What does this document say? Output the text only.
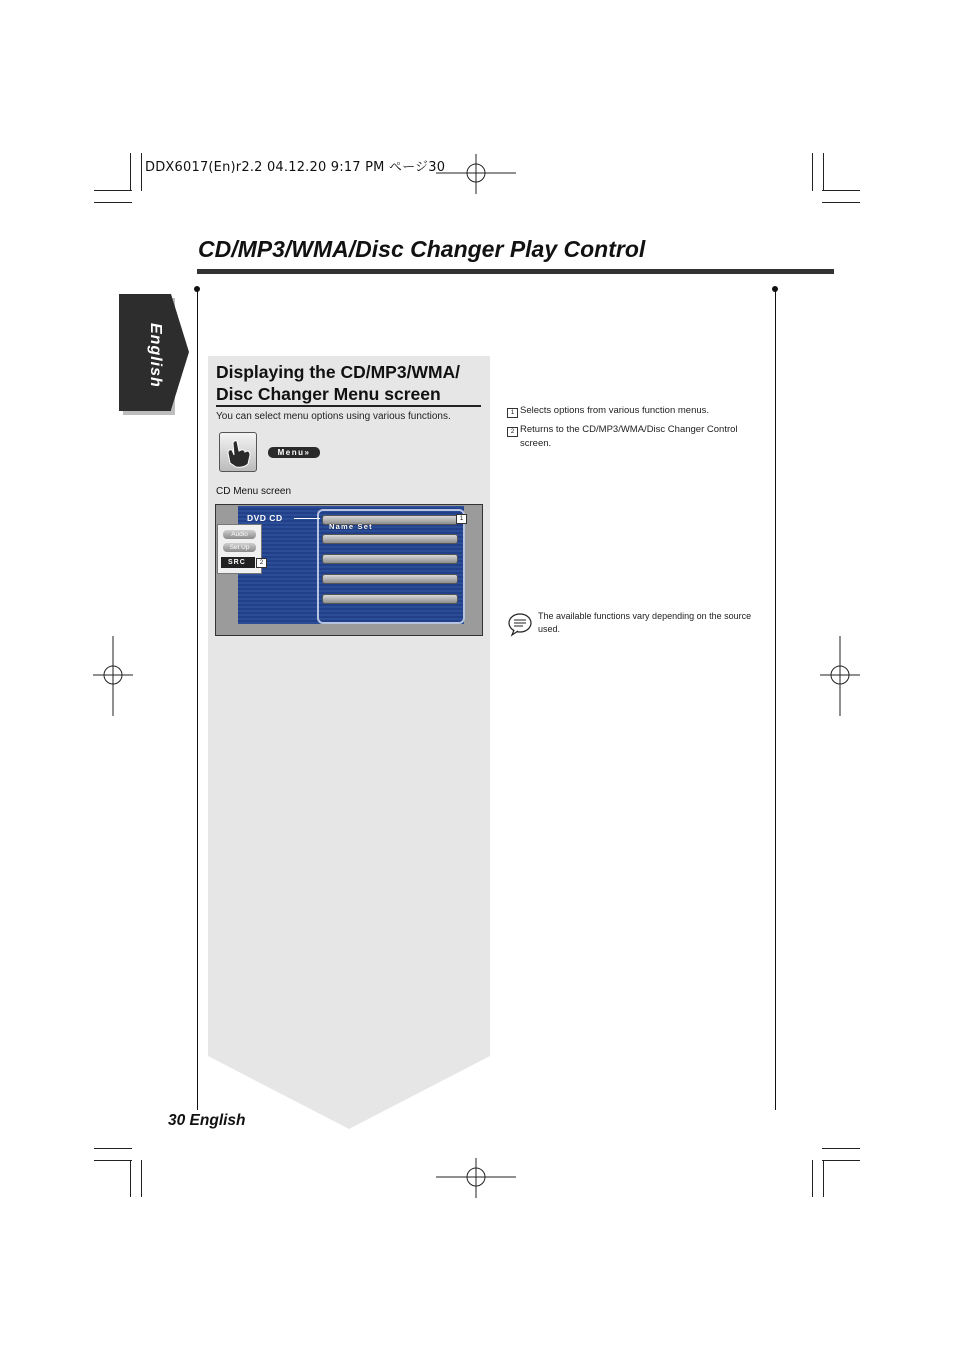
DDX6017(En)r2.2 04.12.20 9:17 PM ページ30
CD/MP3/WMA/Disc Changer Play Control
English	Displaying the CD/MP3/WMA/ Disc Changer Menu screen
You can select menu options using various functions.
Menu»
CD Menu screen
DVD CD
Name Set
1
Audio
Set Up
SRC	2
1 Selects options from various function menus.
2 Returns to the CD/MP3/WMA/Disc Changer Control screen.
The available functions vary depending on the source used.
30 English
